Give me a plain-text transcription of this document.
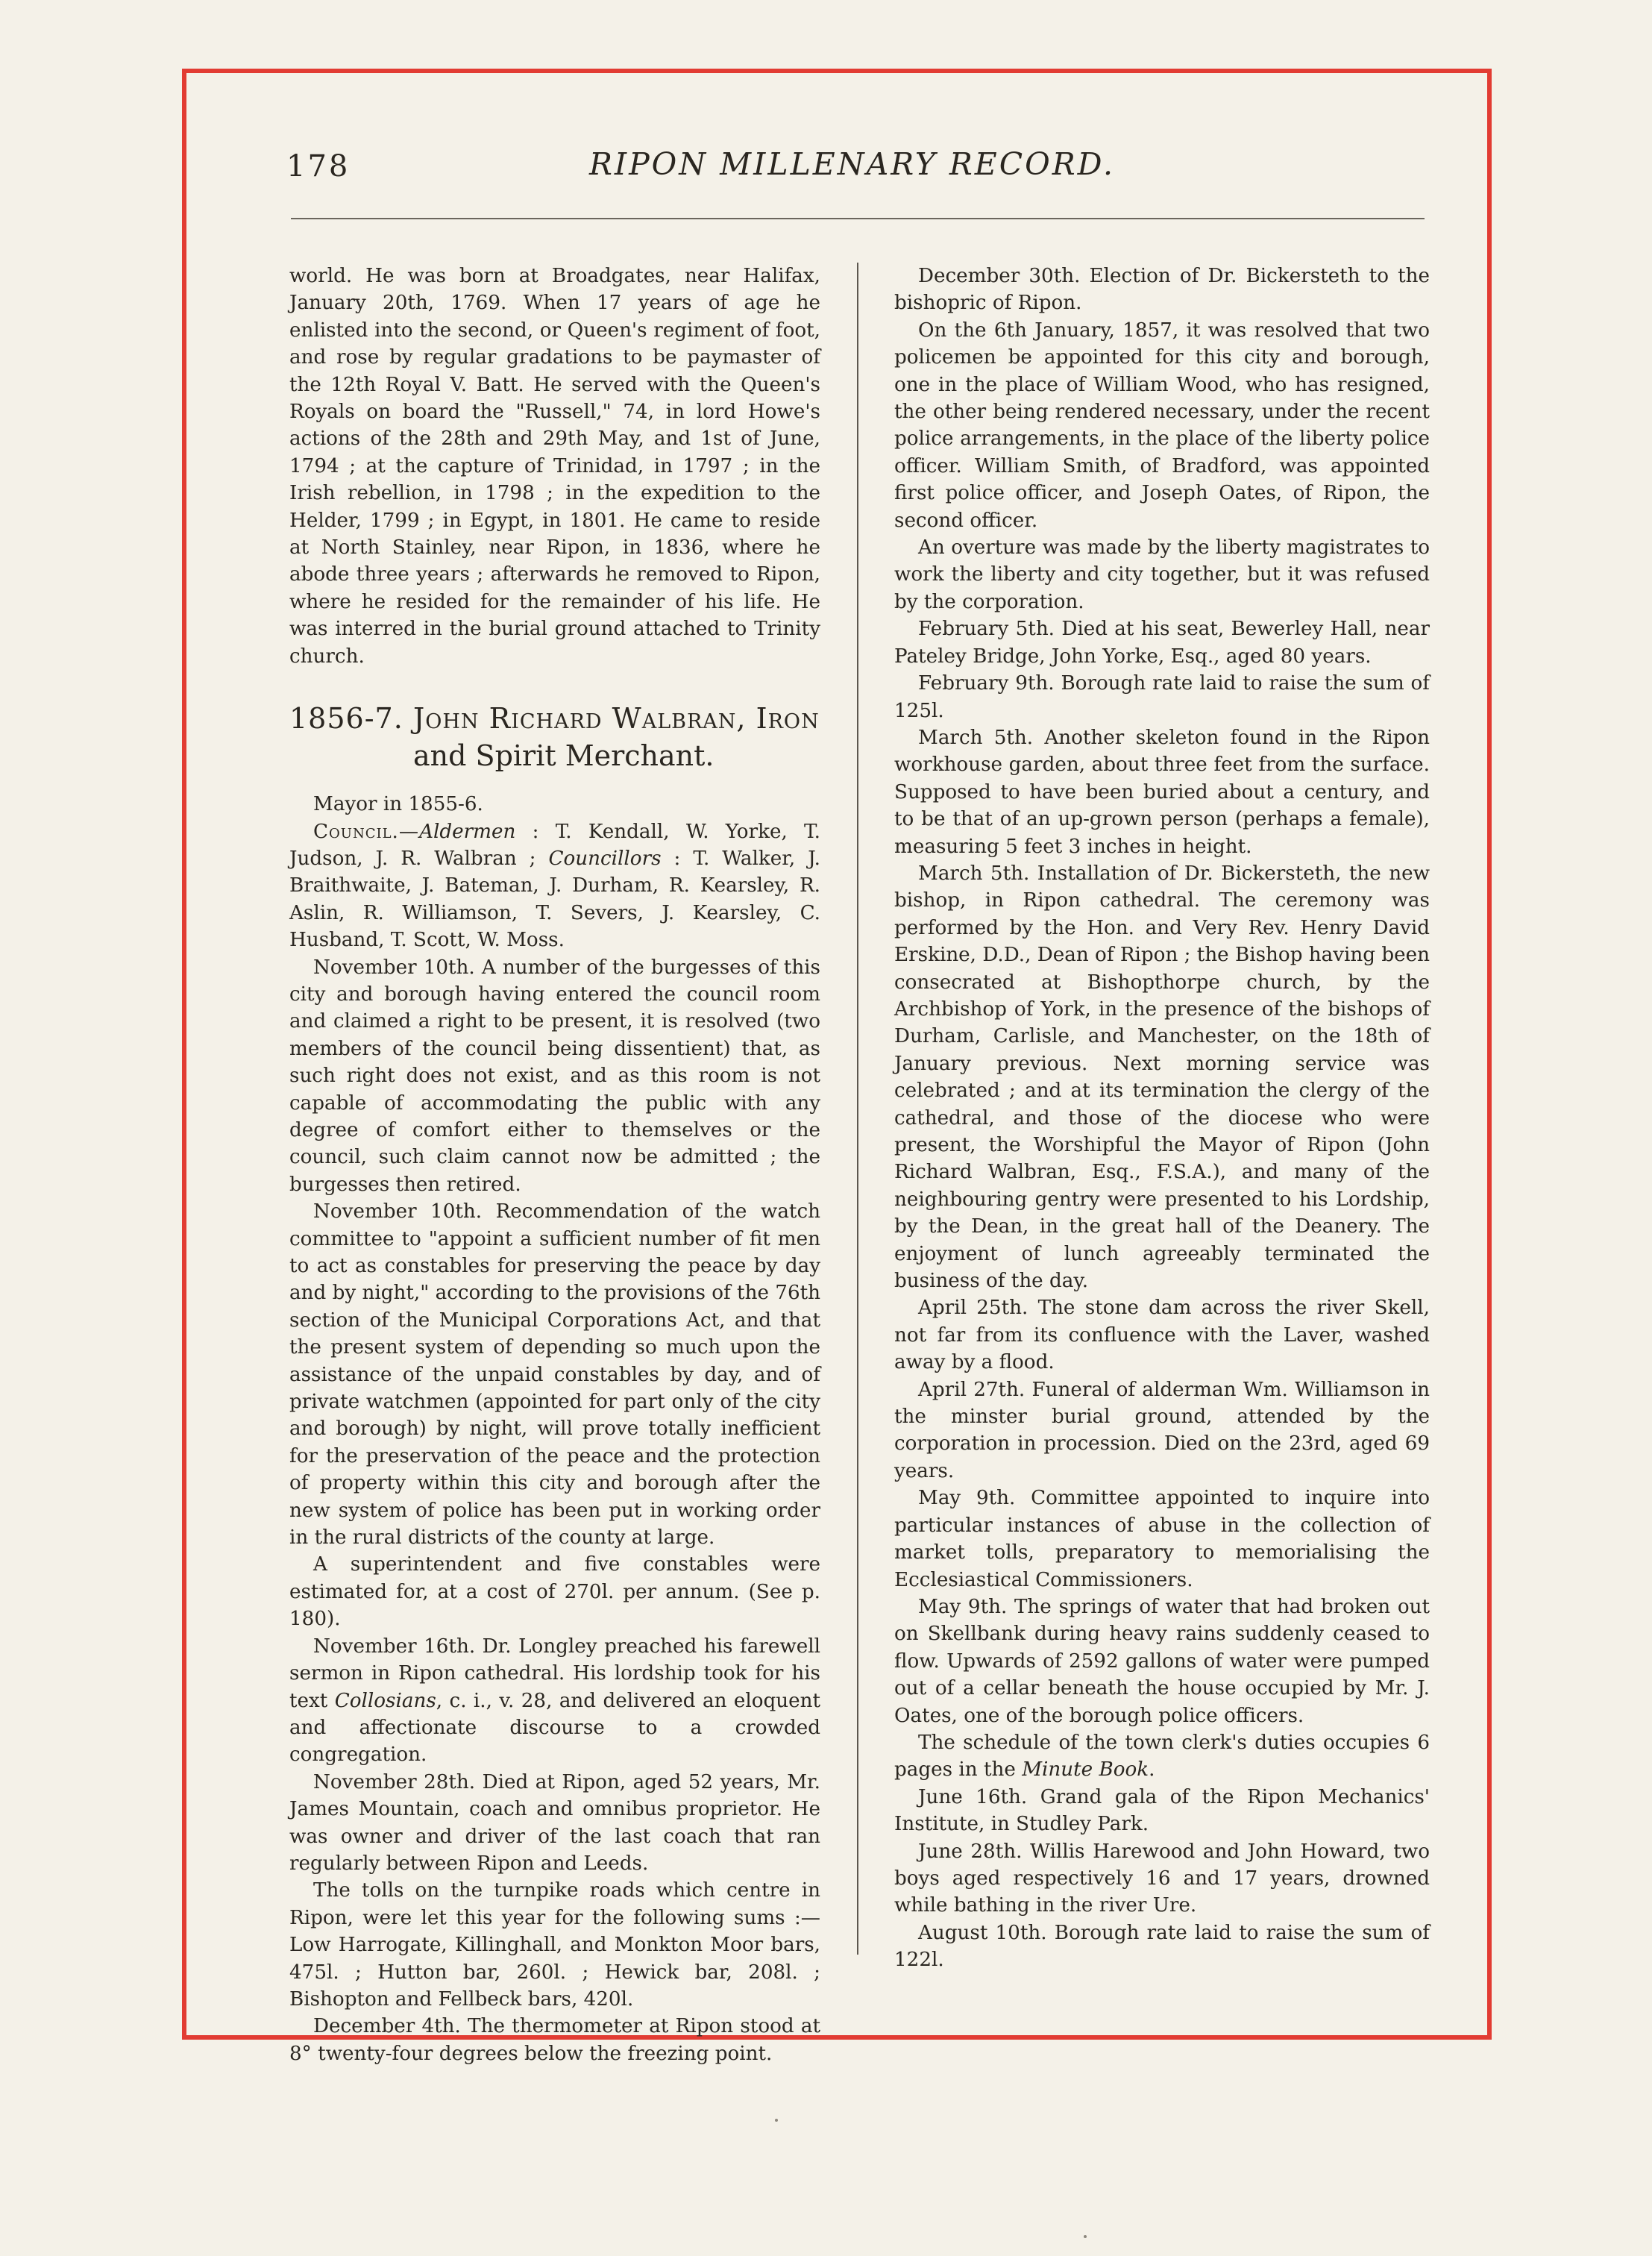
178	RIPON MILLENARY RECORD.

world. He was born at Broadgates, near Halifax, January 20th, 1769. When 17 years of age he enlisted into the second, or Queen's regiment of foot, and rose by regular gradations to be paymaster of the 12th Royal V. Batt. He served with the Queen's Royals on board the "Russell," 74, in lord Howe's actions of the 28th and 29th May, and 1st of June, 1794 ; at the capture of Trinidad, in 1797 ; in the Irish rebellion, in 1798 ; in the expedition to the Helder, 1799 ; in Egypt, in 1801. He came to reside at North Stainley, near Ripon, in 1836, where he abode three years ; afterwards he removed to Ripon, where he resided for the remainder of his life. He was interred in the burial ground attached to Trinity church.

1856-7. John Richard Walbran, Iron
and Spirit Merchant.

Mayor in 1855-6.

Council.—Aldermen : T. Kendall, W. Yorke, T. Judson, J. R. Walbran ; Councillors : T. Walker, J. Braithwaite, J. Bateman, J. Durham, R. Kearsley, R. Aslin, R. Williamson, T. Severs, J. Kearsley, C. Husband, T. Scott, W. Moss.

November 10th. A number of the burgesses of this city and borough having entered the council room and claimed a right to be present, it is resolved (two members of the council being dissentient) that, as such right does not exist, and as this room is not capable of accommodating the public with any degree of comfort either to themselves or the council, such claim cannot now be admitted ; the burgesses then retired.

November 10th. Recommendation of the watch committee to "appoint a sufficient number of fit men to act as constables for preserving the peace by day and by night," according to the provisions of the 76th section of the Municipal Corporations Act, and that the present system of depending so much upon the assistance of the unpaid constables by day, and of private watchmen (appointed for part only of the city and borough) by night, will prove totally inefficient for the preservation of the peace and the protection of property within this city and borough after the new system of police has been put in working order in the rural districts of the county at large.

A superintendent and five constables were estimated for, at a cost of 270l. per annum. (See p. 180).

November 16th. Dr. Longley preached his farewell sermon in Ripon cathedral. His lordship took for his text Collosians, c. i., v. 28, and delivered an eloquent and affectionate discourse to a crowded congregation.

November 28th. Died at Ripon, aged 52 years, Mr. James Mountain, coach and omnibus proprietor. He was owner and driver of the last coach that ran regularly between Ripon and Leeds.

The tolls on the turnpike roads which centre in Ripon, were let this year for the following sums :— Low Harrogate, Killinghall, and Monkton Moor bars, 475l. ; Hutton bar, 260l. ; Hewick bar, 208l. ; Bishopton and Fellbeck bars, 420l.

December 4th. The thermometer at Ripon stood at 8° twenty-four degrees below the freezing point.

December 30th. Election of Dr. Bickersteth to the bishopric of Ripon.

On the 6th January, 1857, it was resolved that two policemen be appointed for this city and borough, one in the place of William Wood, who has resigned, the other being rendered necessary, under the recent police arrangements, in the place of the liberty police officer. William Smith, of Bradford, was appointed first police officer, and Joseph Oates, of Ripon, the second officer.

An overture was made by the liberty magistrates to work the liberty and city together, but it was refused by the corporation.

February 5th. Died at his seat, Bewerley Hall, near Pateley Bridge, John Yorke, Esq., aged 80 years.

February 9th. Borough rate laid to raise the sum of 125l.

March 5th. Another skeleton found in the Ripon workhouse garden, about three feet from the surface. Supposed to have been buried about a century, and to be that of an up-grown person (perhaps a female), measuring 5 feet 3 inches in height.

March 5th. Installation of Dr. Bickersteth, the new bishop, in Ripon cathedral. The ceremony was performed by the Hon. and Very Rev. Henry David Erskine, D.D., Dean of Ripon ; the Bishop having been consecrated at Bishopthorpe church, by the Archbishop of York, in the presence of the bishops of Durham, Carlisle, and Manchester, on the 18th of January previous. Next morning service was celebrated ; and at its termination the clergy of the cathedral, and those of the diocese who were present, the Worshipful the Mayor of Ripon (John Richard Walbran, Esq., F.S.A.), and many of the neighbouring gentry were presented to his Lordship, by the Dean, in the great hall of the Deanery. The enjoyment of lunch agreeably terminated the business of the day.

April 25th. The stone dam across the river Skell, not far from its confluence with the Laver, washed away by a flood.

April 27th. Funeral of alderman Wm. Williamson in the minster burial ground, attended by the corporation in procession. Died on the 23rd, aged 69 years.

May 9th. Committee appointed to inquire into particular instances of abuse in the collection of market tolls, preparatory to memorialising the Ecclesiastical Commissioners.

May 9th. The springs of water that had broken out on Skellbank during heavy rains suddenly ceased to flow. Upwards of 2592 gallons of water were pumped out of a cellar beneath the house occupied by Mr. J. Oates, one of the borough police officers.

The schedule of the town clerk's duties occupies 6 pages in the Minute Book.

June 16th. Grand gala of the Ripon Mechanics' Institute, in Studley Park.

June 28th. Willis Harewood and John Howard, two boys aged respectively 16 and 17 years, drowned while bathing in the river Ure.

August 10th. Borough rate laid to raise the sum of 122l.
